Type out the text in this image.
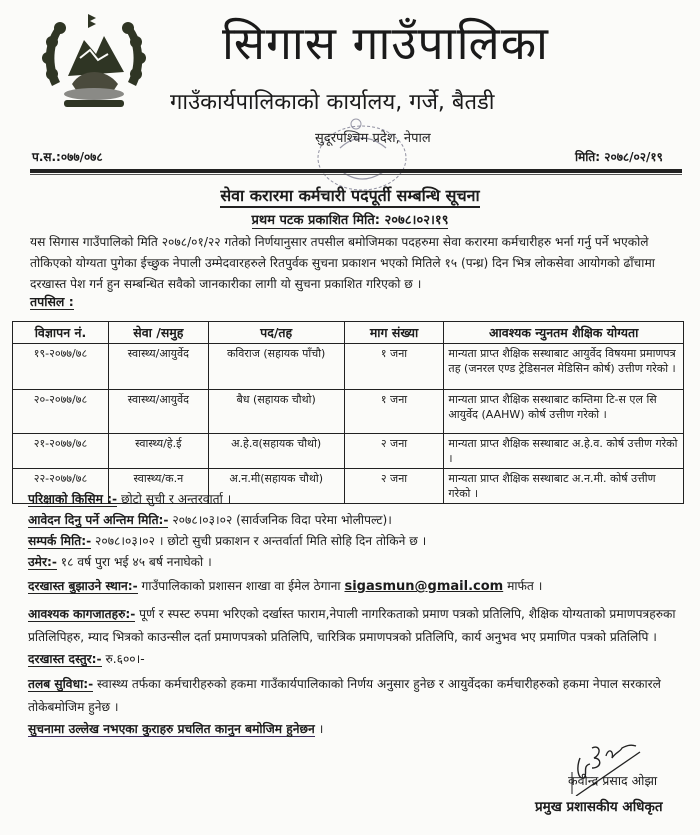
सिगास गाउँपालिका
गाउँकार्यपालिकाको कार्यालय, गर्जे, बैतडी
सुदूरपश्चिम प्रदेश, नेपाल
प.स.:०७७/०७८	मिति: २०७८/०२/१९
सेवा करारमा कर्मचारी पदपूर्ती सम्बन्धि सूचना
प्रथम पटक प्रकाशित मिति: २०७८।०२।१९
यस सिगास गाउँपालिको मिति २०७८/०१/२२ गतेको निर्णयानुसार तपसील बमोजिमका पदहरुमा सेवा करारमा कर्मचारीहरु भर्ना गर्नु पर्ने भएकोले तोकिएको योग्यता पुगेका ईच्छुक नेपाली उम्मेदवारहरुले रितपुर्वक सुचना प्रकाशन भएको मितिले १५ (पन्ध्र) दिन भित्र लोकसेवा आयोगको ढाँचामा दरखास्त पेश गर्न हुन सम्बन्धित सवैको जानकारीका लागी यो सुचना प्रकाशित गरिएको छ ।
तपसिल :
विज्ञापन नं.	सेवा /समुह	पद/तह	माग संख्या	आवश्यक न्युनतम शैक्षिक योग्यता
१९-२०७७/७८	स्वास्थ्य/आयुर्वेद	कविराज (सहायक पाँचौ)	१ जना	मान्यता प्राप्त शैक्षिक सस्थाबाट आयुर्वेद विषयमा प्रमाणपत्र तह (जनरल एण्ड ट्रेडिसनल मेडिसिन कोर्ष) उत्तीण गरेको ।
२०-२०७७/७८	स्वास्थ्य/आयुर्वेद	बैध (सहायक चौथो)	१ जना	मान्यता प्राप्त शैक्षिक सस्थाबाट कम्तिमा टि-स एल सि आयुर्वेद (AAHW) कोर्ष उत्तीण गरेको ।
२१-२०७७/७८	स्वास्थ्य/हे.ई	अ.हे.व(सहायक चौथो)	२ जना	मान्यता प्राप्त शैक्षिक सस्थाबाट अ.हे.व. कोर्ष उत्तीण गरेको ।
२२-२०७७/७८	स्वास्थ्य/क.न	अ.न.मी(सहायक चौथो)	२ जना	मान्यता प्राप्त शैक्षिक सस्थाबाट अ.न.मी. कोर्ष उत्तीण गरेको ।
परिक्षाको किसिम :- छोटो सुची र अन्तरवार्ता ।
आवेदन दिनु पर्ने अन्तिम मिति:- २०७८।०३।०२ (सार्वजनिक विदा परेमा भोलीपल्ट)।
सम्पर्क मिति:- २०७८।०३।०२ । छोटो सुची प्रकाशन र अन्तर्वार्ता मिति सोहि दिन तोकिने छ ।
उमेर:- १८ वर्ष पुरा भई ४५ बर्ष ननाघेको ।
दरखास्त बुझाउने स्थान:- गाउँपालिकाको प्रशासन शाखा वा ईमेल ठेगाना sigasmun@gmail.com मार्फत ।
आवश्यक कागजातहरु:- पूर्ण र स्पस्ट रुपमा भरिएको दर्खास्त फाराम,नेपाली नागरिकताको प्रमाण पत्रको प्रतिलिपि, शैक्षिक योग्यताको प्रमाणपत्रहरुका प्रतिलिपिहरु, म्याद भित्रको काउन्सील दर्ता प्रमाणपत्रको प्रतिलिपि, चारित्रिक प्रमाणपत्रको प्रतिलिपि, कार्य अनुभव भए प्रमाणित पत्रको प्रतिलिपि ।
दरखास्त दस्तुर:- रु.६००।-
तलब सुविधा:- स्वास्थ्य तर्फका कर्मचारीहरुको हकमा गाउँकार्यपालिकाको निर्णय अनुसार हुनेछ र आयुर्वेदका कर्मचारीहरुको हकमा नेपाल सरकारले तोकेबमोजिम हुनेछ ।
सुचनामा उल्लेख नभएका कुराहरु प्रचलित कानुन बमोजिम हुनेछन ।
कवीन्द्र प्रसाद ओझा
प्रमुख प्रशासकीय अधिकृत
